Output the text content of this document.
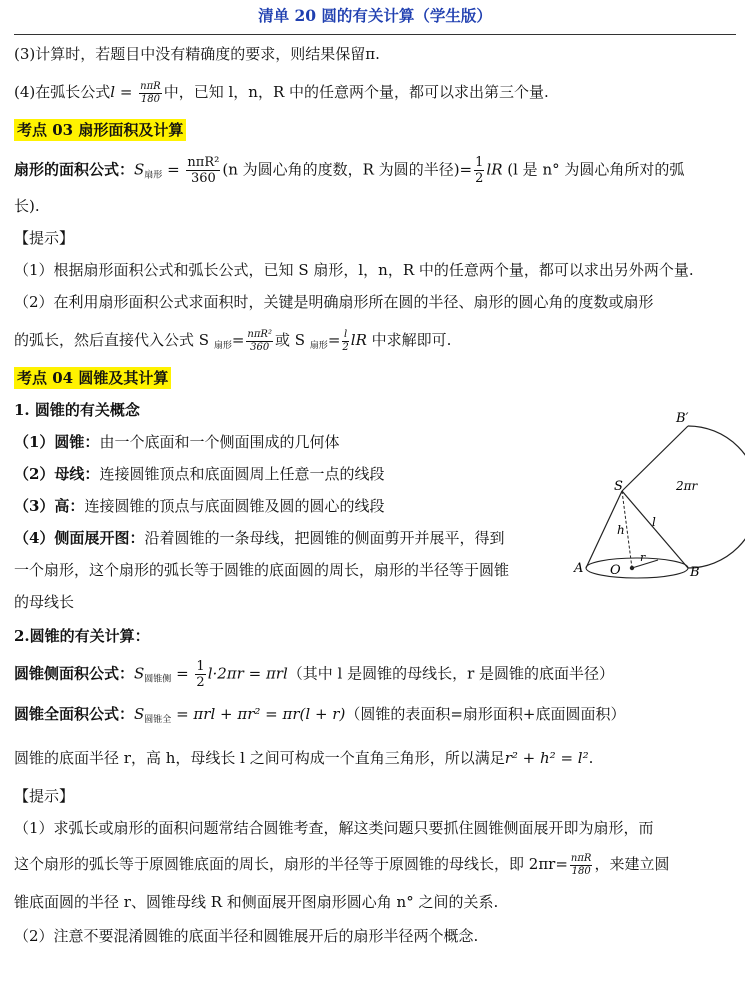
清单 20 圆的有关计算（学生版）
(3)计算时，若题目中没有精确度的要求，则结果保留π.
(4)在弧长公式$l = \frac{\text{nπR}}{180}$ 中，已知 l，n，R 中的任意两个量，都可以求出第三个量.
考点 03 扇形面积及计算
扇形的面积公式：$S_{扇形} = \frac{\text{nπR²}}{360} (n$ 为圆心角的度数，R 为圆的半径)= $\frac{1}{2}$ lR (l 是 n° 为圆心角所对的弧
长).
【提示】
（1）根据扇形面积公式和弧长公式，已知 S 扇形，l，n，R 中的任意两个量，都可以求出另外两个量.
（2）在利用扇形面积公式求面积时，关键是明确扇形所在圆的半径、扇形的圆心角的度数或扇形
的弧长，然后直接代入公式 S $_{扇形}= \frac{\text{nπR²}}{360}$ 或 S $_{扇形}= \frac{l}{2}$ lR 中求解即可.
考点 04 圆锥及其计算
1. 圆锥的有关概念
（1）圆锥：由一个底面和一个侧面围成的几何体
（2）母线：连接圆锥顶点和底面圆周上任意一点的线段
（3）高：连接圆锥的顶点与底面圆锥及圆的圆心的线段
（4）侧面展开图：沿着圆锥的一条母线，把圆锥的侧面剪开并展平，得到
一个扇形，这个扇形的弧长等于圆锥的底面圆的周长，扇形的半径等于圆锥
的母线长
2.圆锥的有关计算：
圆锥侧面积公式：$S_{圆锥侧} = \frac{1}{2} l\cdot 2\pi r = \pi rl$（其中 l 是圆锥的母线长，r 是圆锥的底面半径）
圆锥全面积公式：$S_{圆锥全} = \pi rl + \pi r^2 = \pi r(l + r)$（圆锥的表面积=扇形面积+底面圆面积）
圆锥的底面半径 r，高 h，母线长 l 之间可构成一个直角三角形，所以满足r² + h² = l².
【提示】
（1）求弧长或扇形的面积问题常结合圆锥考查，解这类问题只要抓住圆锥侧面展开即为扇形，而
这个扇形的弧长等于原圆锥底面的周长，扇形的半径等于原圆锥的母线长，即 $2\pi r= \frac{\text{nπR}}{180}$ ，来建立圆
锥底面圆的半径 r、圆锥母线 R 和侧面展开图扇形圆心角 n° 之间的关系.
（2）注意不要混淆圆锥的底面半径和圆锥展开后的扇形半径两个概念.
B′
S	2πr
h
l
r
A O	B
